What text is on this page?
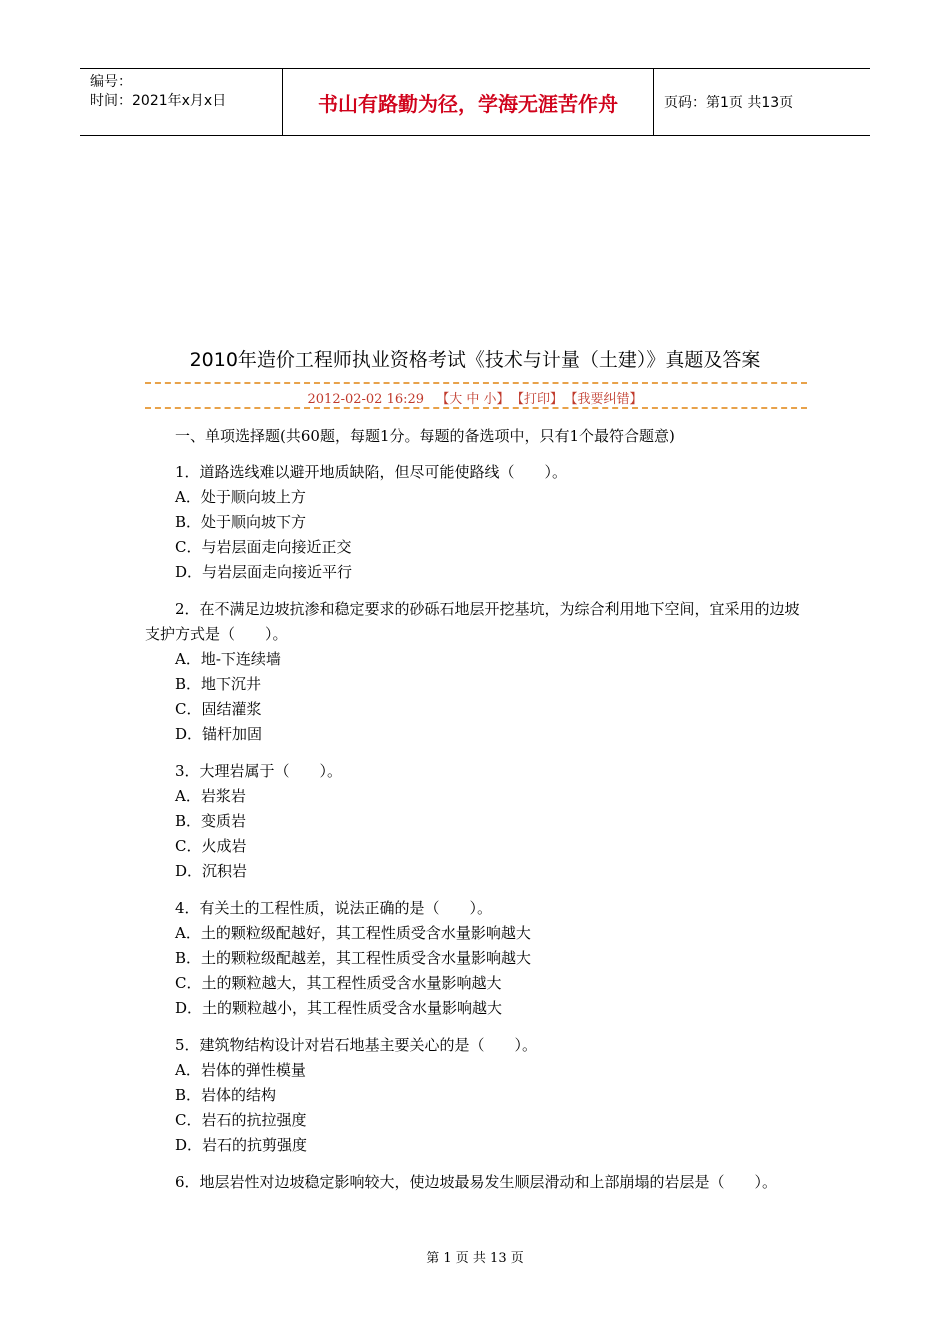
编号：
时间：2021年x月x日	书山有路勤为径，学海无涯苦作舟	页码：第1页 共13页
2010年造价工程师执业资格考试《技术与计量（土建）》真题及答案
2012-02-02 16:29 【大 中 小】 【打印】 【我要纠错】

一、单项选择题(共60题，每题1分。每题的备选项中，只有1个最符合题意)

1．道路选线难以避开地质缺陷，但尽可能使路线（　　）。
A．处于顺向坡上方
B．处于顺向坡下方
C．与岩层面走向接近正交
D．与岩层面走向接近平行
2．在不满足边坡抗渗和稳定要求的砂砾石地层开挖基坑，为综合利用地下空间，宜采用的边坡支护方式是（　　）。
A．地-下连续墙
B．地下沉井
C．固结灌浆
D．锚杆加固
3．大理岩属于（　　）。
A．岩浆岩
B．变质岩
C．火成岩
D．沉积岩
4．有关土的工程性质，说法正确的是（　　）。
A．土的颗粒级配越好，其工程性质受含水量影响越大
B．土的颗粒级配越差，其工程性质受含水量影响越大
C．土的颗粒越大，其工程性质受含水量影响越大
D．土的颗粒越小，其工程性质受含水量影响越大
5．建筑物结构设计对岩石地基主要关心的是（　　）。
A．岩体的弹性模量
B．岩体的结构
C．岩石的抗拉强度
D．岩石的抗剪强度
6．地层岩性对边坡稳定影响较大，使边坡最易发生顺层滑动和上部崩塌的岩层是（　　）。
第 1 页 共 13 页
